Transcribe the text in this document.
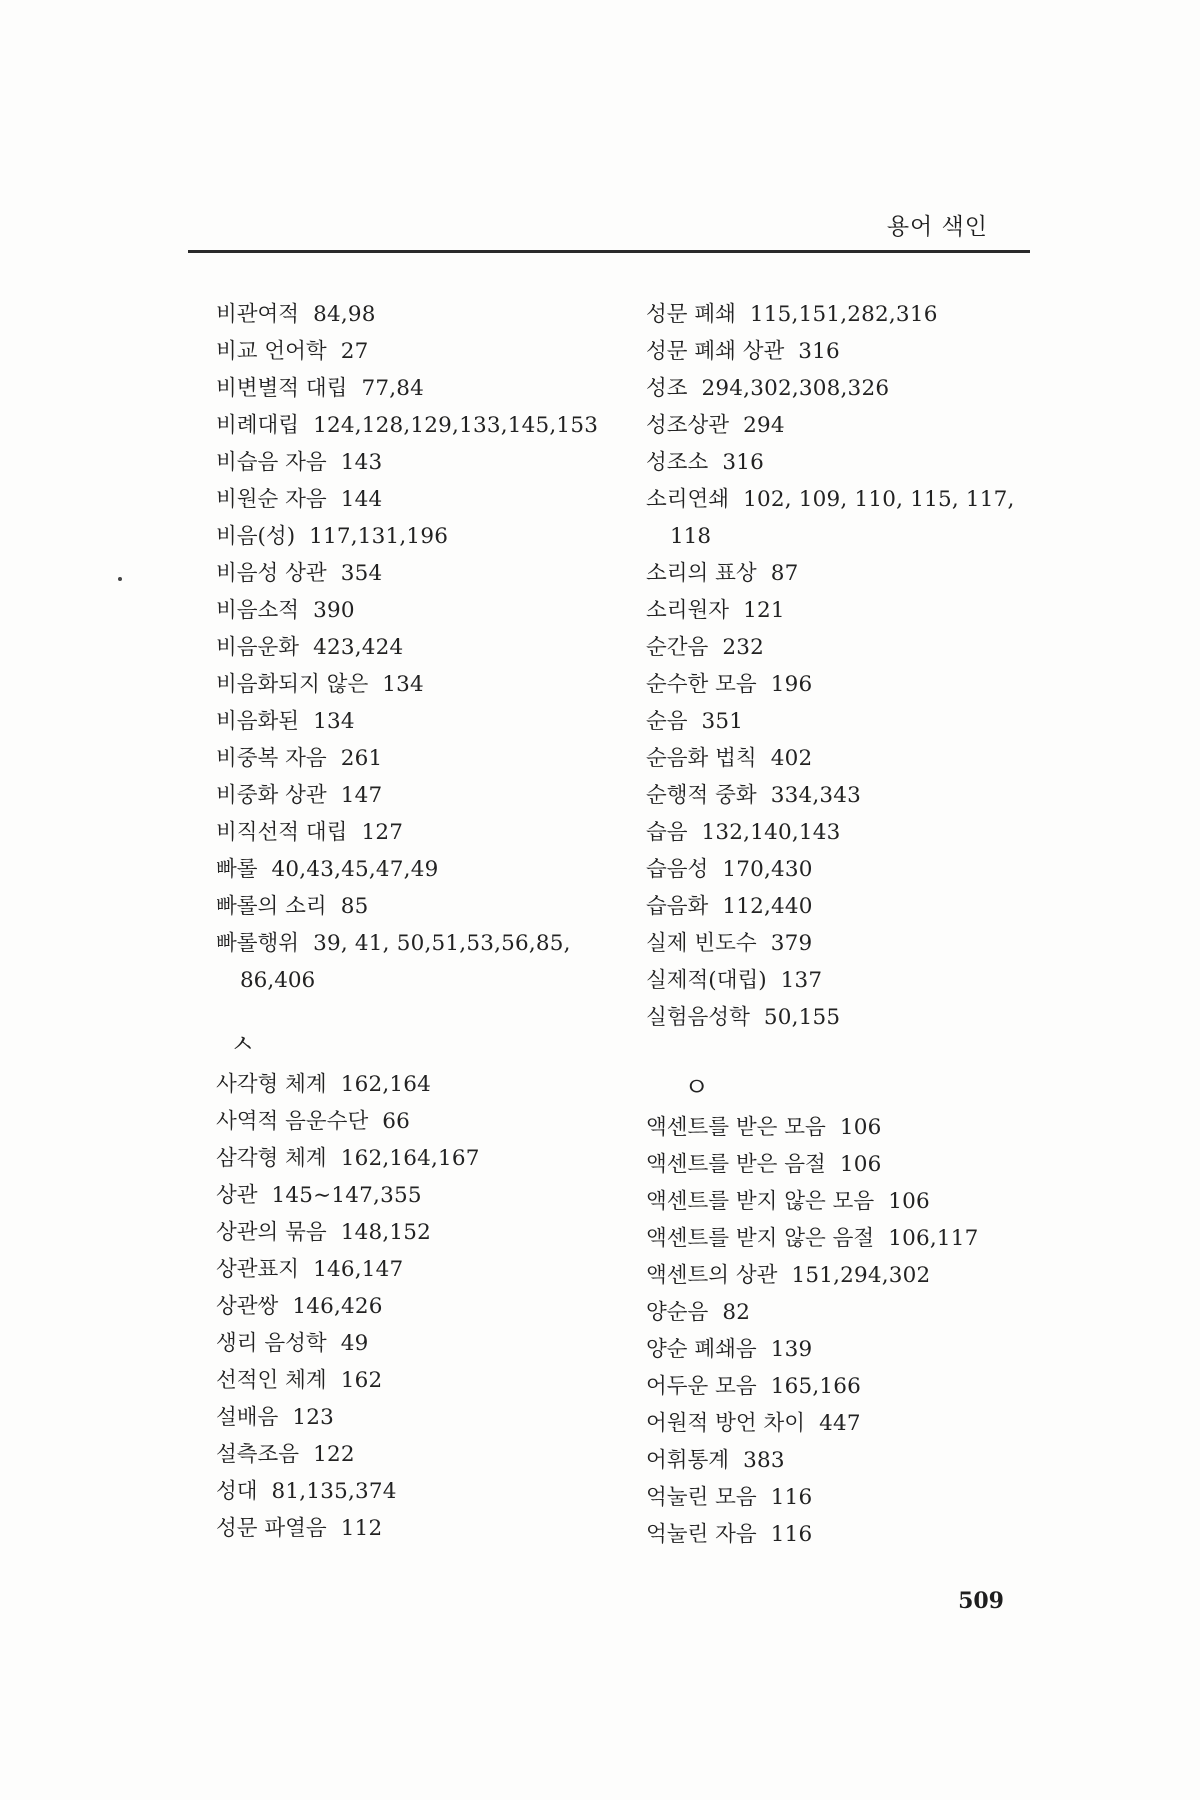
용어 색인
비관여적 84,98
비교 언어학 27
비변별적 대립 77,84
비례대립 124,128,129,133,145,153
비습음 자음 143
비원순 자음 144
비음(성) 117,131,196
비음성 상관 354
비음소적 390
비음운화 423,424
비음화되지 않은 134
비음화된 134
비중복 자음 261
비중화 상관 147
비직선적 대립 127
빠롤 40,43,45,47,49
빠롤의 소리 85
빠롤행위 39, 41, 50,51,53,56,85,
86,406
ㅅ
사각형 체계 162,164
사역적 음운수단 66
삼각형 체계 162,164,167
상관 145∼147,355
상관의 묶음 148,152
상관표지 146,147
상관쌍 146,426
생리 음성학 49
선적인 체계 162
설배음 123
설측조음 122
성대 81,135,374
성문 파열음 112
성문 폐쇄 115,151,282,316
성문 폐쇄 상관 316
성조 294,302,308,326
성조상관 294
성조소 316
소리연쇄 102, 109, 110, 115, 117,
118
소리의 표상 87
소리원자 121
순간음 232
순수한 모음 196
순음 351
순음화 법칙 402
순행적 중화 334,343
습음 132,140,143
습음성 170,430
습음화 112,440
실제 빈도수 379
실제적(대립) 137
실험음성학 50,155
ㅇ
액센트를 받은 모음 106
액센트를 받은 음절 106
액센트를 받지 않은 모음 106
액센트를 받지 않은 음절 106,117
액센트의 상관 151,294,302
양순음 82
양순 폐쇄음 139
어두운 모음 165,166
어원적 방언 차이 447
어휘통계 383
억눌린 모음 116
억눌린 자음 116
509
